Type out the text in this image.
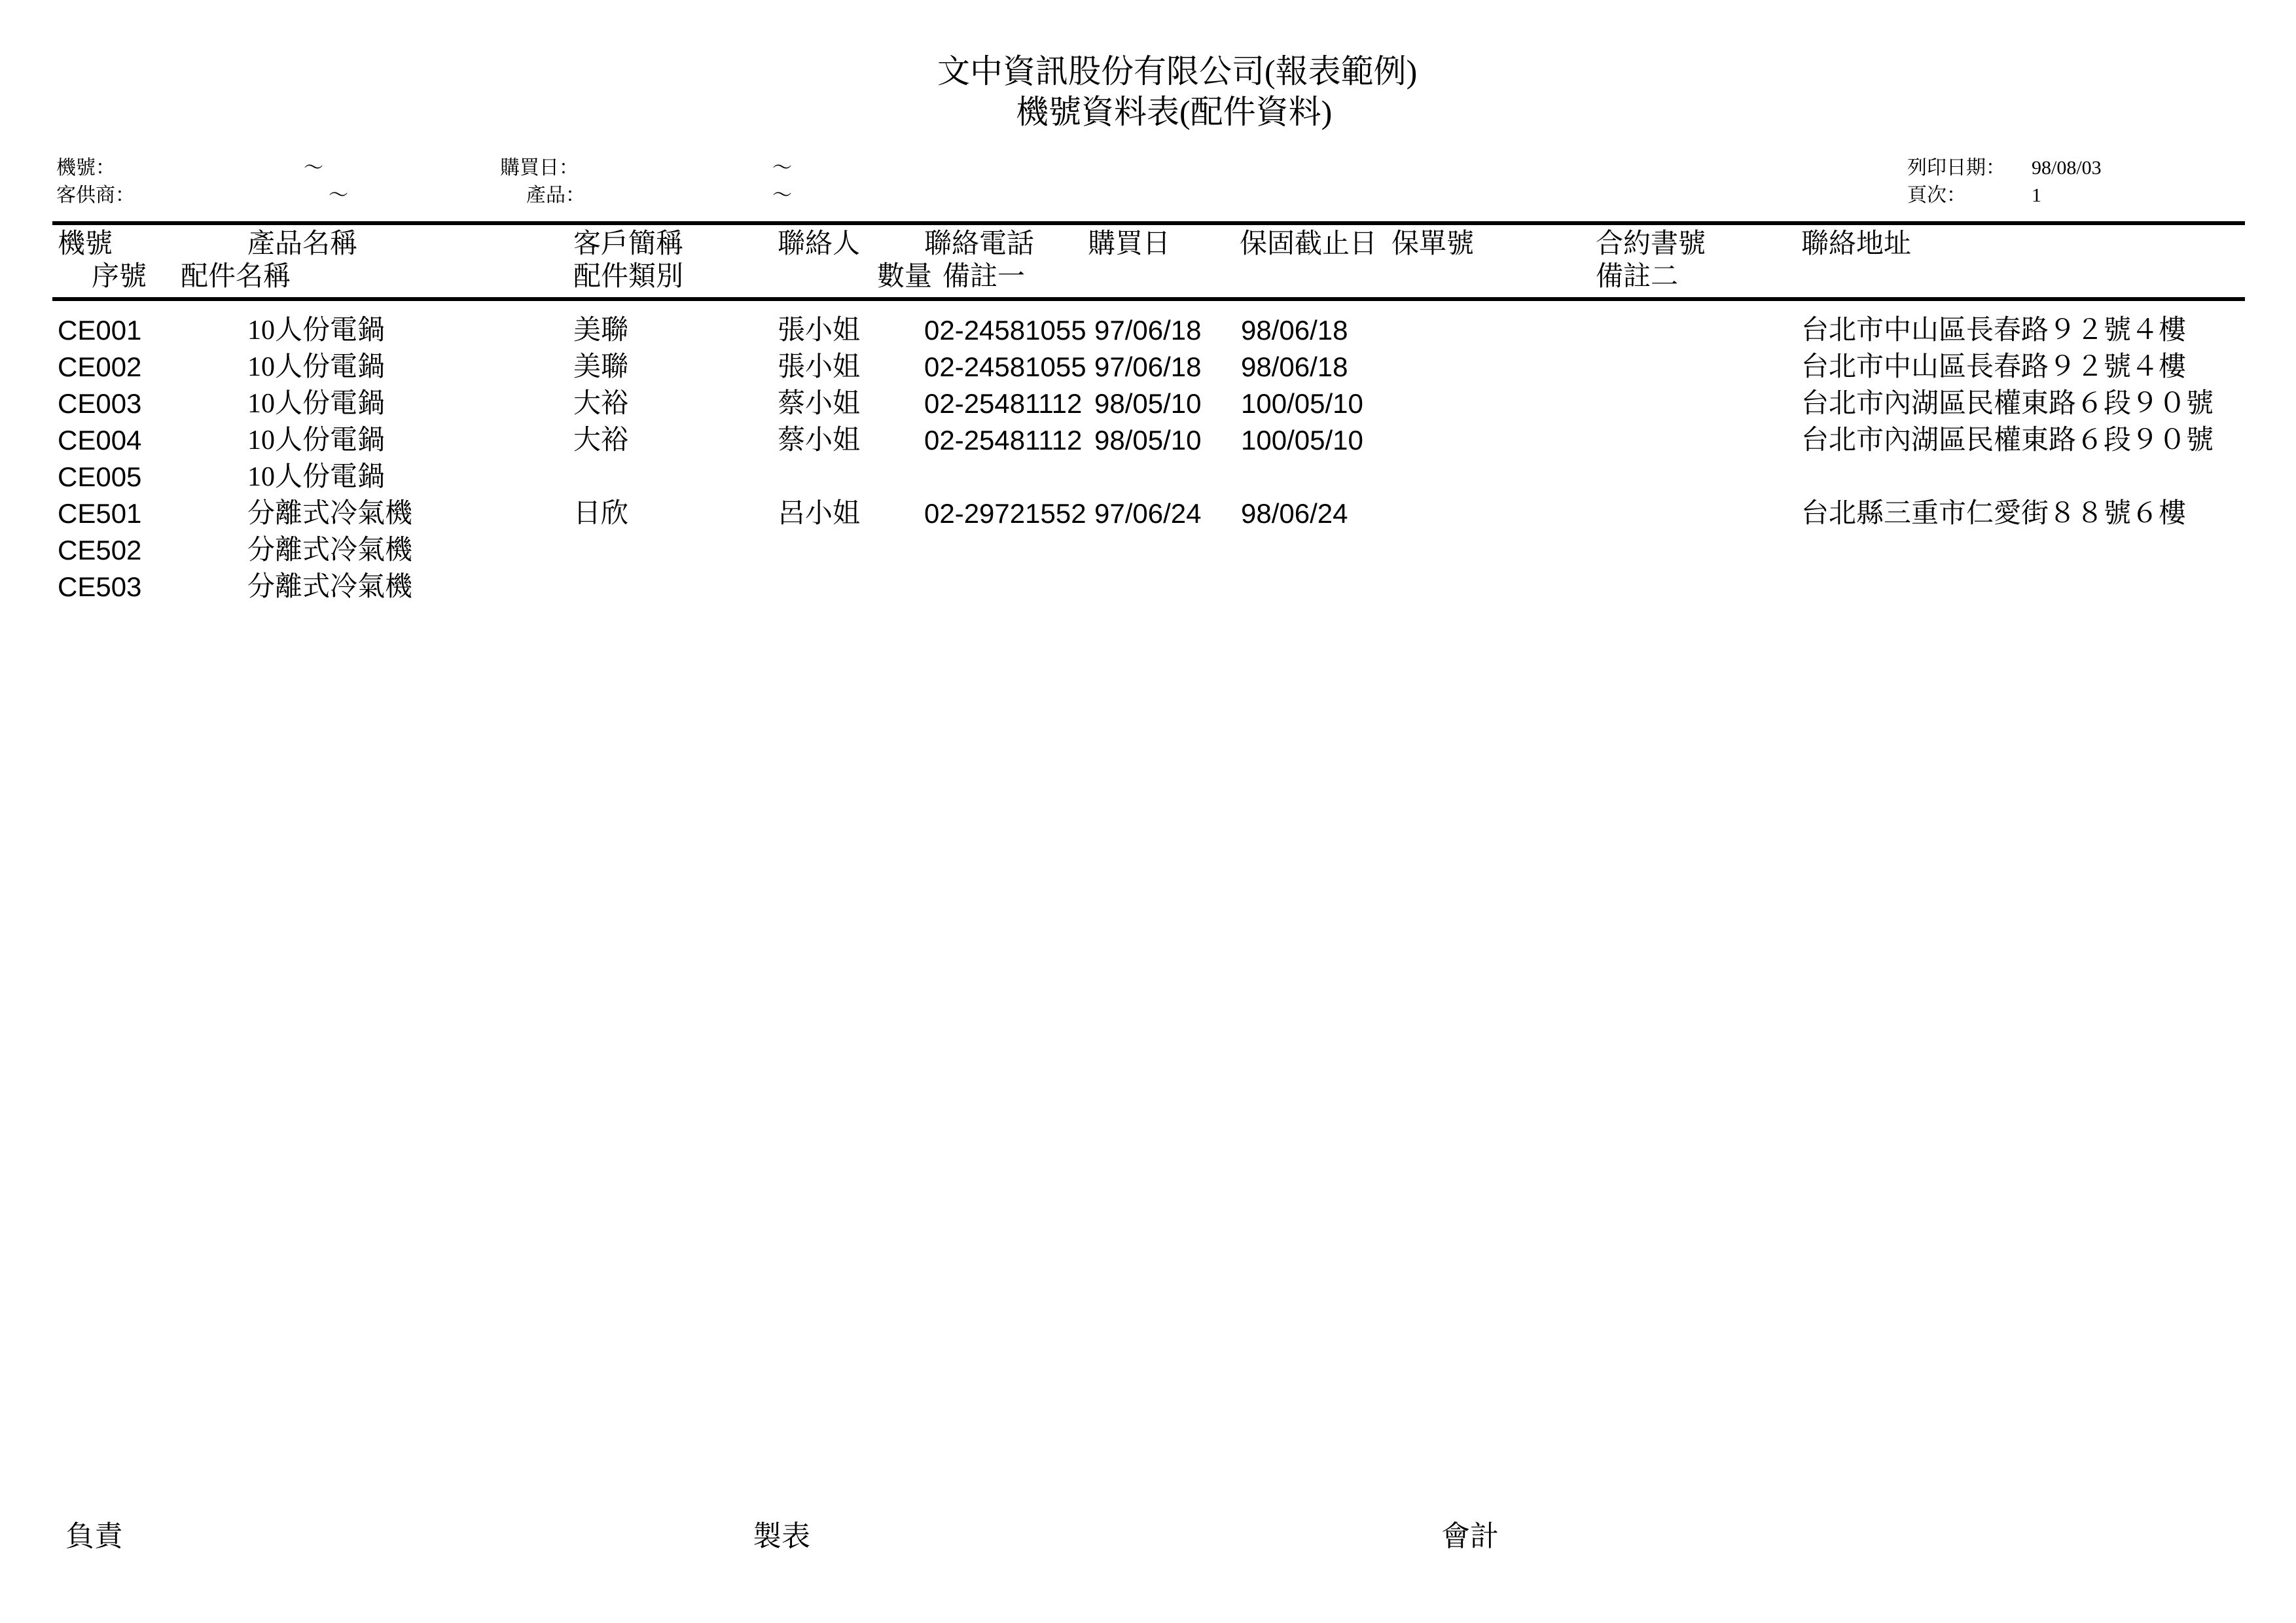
文中資訊股份有限公司(報表範例)
機號資料表(配件資料)
機號：	～	購買日：	～	列印日期： 98/08/03
客供商：	～	產品：	～	頁次：	1
機號	產品名稱	客戶簡稱	聯絡人 聯絡電話 購買日	保固截止日 保單號	合約書號	聯絡地址
序號 配件名稱	配件類別	數量 備註一	備註二
CE001	10人份電鍋	美聯	張小姐 02-24581055 97/06/18 98/06/18	台北市中山區長春路９２號４樓
CE002	10人份電鍋	美聯	張小姐 02-24581055 97/06/18 98/06/18	台北市中山區長春路９２號４樓
CE003	10人份電鍋	大裕	蔡小姐 02-25481112 98/05/10 100/05/10	台北市內湖區民權東路６段９０號
CE004	10人份電鍋	大裕	蔡小姐 02-25481112 98/05/10 100/05/10	台北市內湖區民權東路６段９０號
CE005	10人份電鍋
CE501	分離式冷氣機	日欣	呂小姐 02-29721552 97/06/24 98/06/24	台北縣三重市仁愛街８８號６樓
CE502	分離式冷氣機
CE503	分離式冷氣機
負責	製表	會計
